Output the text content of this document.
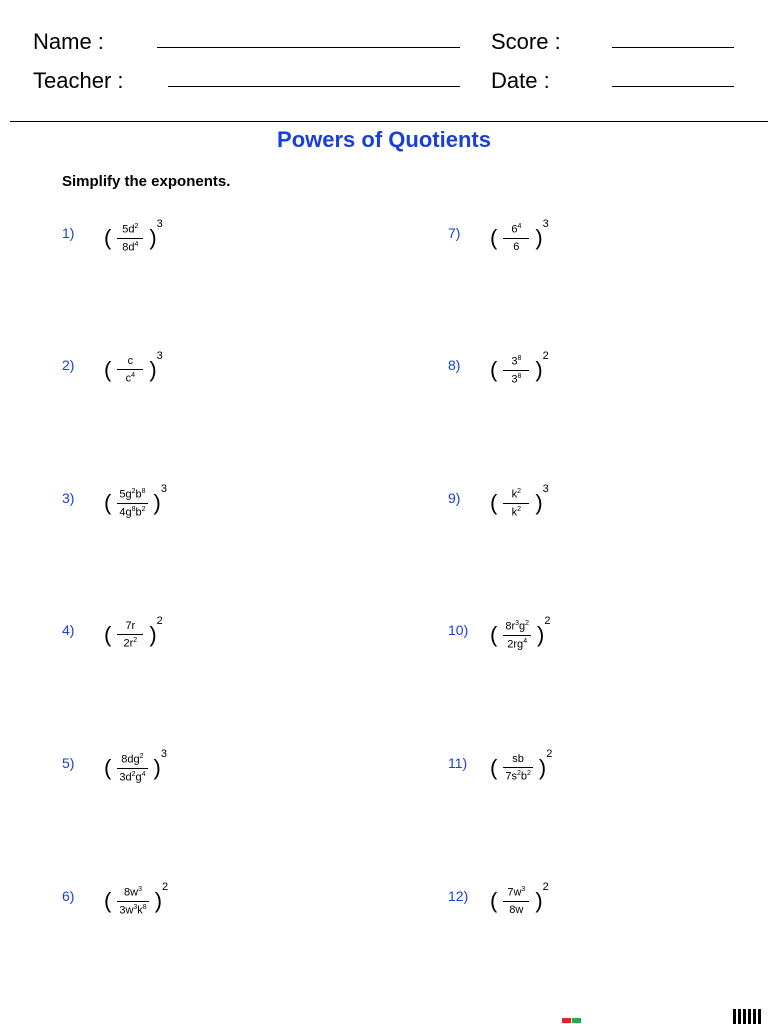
Name :
Teacher :
Score :
Date :
Powers of Quotients
Simplify the exponents.
1)	( $\frac{5d^2}{8d^4}$ )
3
2)	( $\frac{c}{c^4}$ )
3
3)	( $\frac{5g^2b^8}{4g^8b^2}$ )
3
4)	( $\frac{7r}{2r^2}$ )
2
5)	( $\frac{8dg^2}{3d^2g^4}$ )
3
6)	( $\frac{8w^3}{3w^3k^8}$ )
2
7)	( $\frac{6^4}{6}$ )
3
8)	( $\frac{3^8}{3^8}$ )
2
9)	( $\frac{k^2}{k^2}$ )
3
10) ( $\frac{8r^3g^2}{2rg^4}$ )
2
11)	( $\frac{sb}{7s^2b^2}$ )
2
12) ( $\frac{7w^3}{8w}$ )
2
